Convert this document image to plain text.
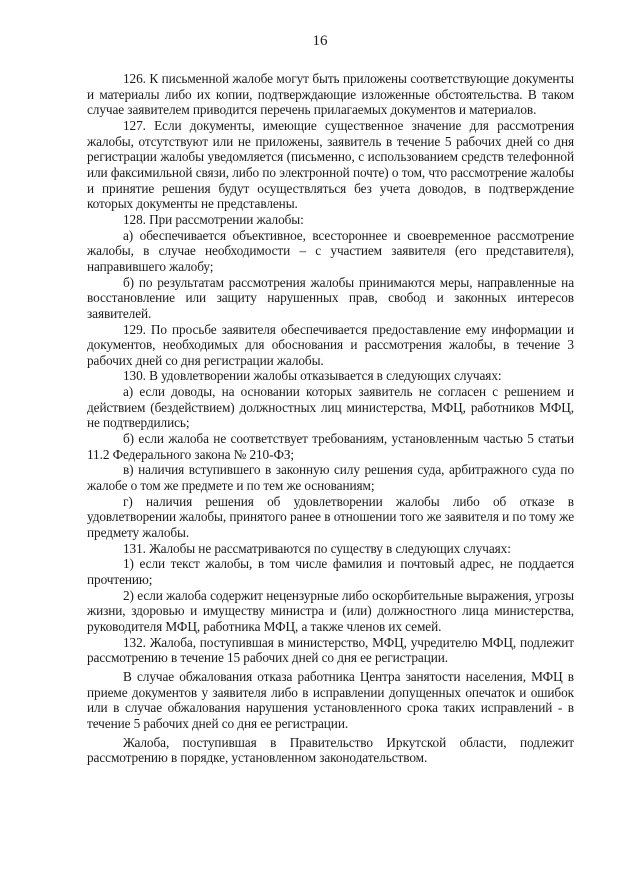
16

126. К письменной жалобе могут быть приложены соответствующие документы и материалы либо их копии, подтверждающие изложенные обстоятельства. В таком случае заявителем приводится перечень прилагаемых документов и материалов.

127. Если документы, имеющие существенное значение для рассмотрения жалобы, отсутствуют или не приложены, заявитель в течение 5 рабочих дней со дня регистрации жалобы уведомляется (письменно, с использованием средств телефонной или факсимильной связи, либо по электронной почте) о том, что рассмотрение жалобы и принятие решения будут осуществляться без учета доводов, в подтверждение которых документы не представлены.

128. При рассмотрении жалобы:

а) обеспечивается объективное, всестороннее и своевременное рассмотрение жалобы, в случае необходимости – с участием заявителя (его представителя), направившего жалобу;

б) по результатам рассмотрения жалобы принимаются меры, направленные на восстановление или защиту нарушенных прав, свобод и законных интересов заявителей.

129. По просьбе заявителя обеспечивается предоставление ему информации и документов, необходимых для обоснования и рассмотрения жалобы, в течение 3 рабочих дней со дня регистрации жалобы.

130. В удовлетворении жалобы отказывается в следующих случаях:

а) если доводы, на основании которых заявитель не согласен с решением и действием (бездействием) должностных лиц министерства, МФЦ, работников МФЦ, не подтвердились;

б) если жалоба не соответствует требованиям, установленным частью 5 статьи 11.2 Федерального закона № 210-ФЗ;

в) наличия вступившего в законную силу решения суда, арбитражного суда по жалобе о том же предмете и по тем же основаниям;

г) наличия решения об удовлетворении жалобы либо об отказе в удовлетворении жалобы, принятого ранее в отношении того же заявителя и по тому же предмету жалобы.

131. Жалобы не рассматриваются по существу в следующих случаях:

1) если текст жалобы, в том числе фамилия и почтовый адрес, не поддается прочтению;

2) если жалоба содержит нецензурные либо оскорбительные выражения, угрозы жизни, здоровью и имуществу министра и (или) должностного лица министерства, руководителя МФЦ, работника МФЦ, а также членов их семей.

132. Жалоба, поступившая в министерство, МФЦ, учредителю МФЦ, подлежит рассмотрению в течение 15 рабочих дней со дня ее регистрации.

В случае обжалования отказа работника Центра занятости населения, МФЦ в приеме документов у заявителя либо в исправлении допущенных опечаток и ошибок или в случае обжалования нарушения установленного срока таких исправлений - в течение 5 рабочих дней со дня ее регистрации.

Жалоба, поступившая в Правительство Иркутской области, подлежит рассмотрению в порядке, установленном законодательством.
